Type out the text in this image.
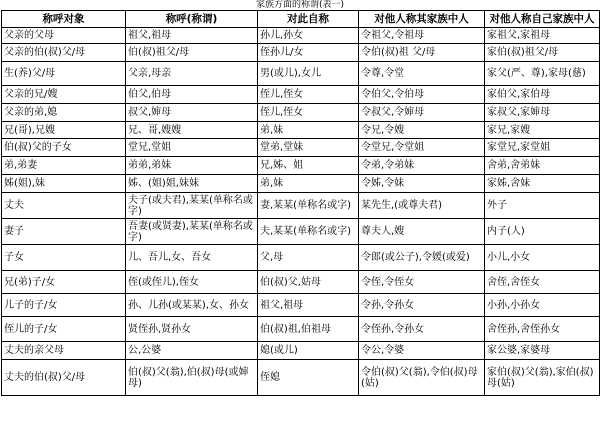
家族方面的称谓(表一)

称呼对象	称呼(称谓)	对此自称	对他人称其家族中人	对他人称自己家族中人
父亲的父母	祖父,祖母	孙儿,孙女	令祖父,令祖母	家祖父,家祖母
父亲的伯(叔)父/母	伯(叔)祖父/母	侄孙儿/女	令伯(叔)祖 父/母	家伯(叔)祖父/母
生(养)父/母	父亲,母亲	男(或儿),女儿	令尊,令堂	家父(严、尊),家母(慈)
父亲的兄/嫂	伯父,伯母	侄儿,侄女	令伯父,令伯母	家伯父,家伯母
父亲的弟,媳	叔父,婶母	侄儿,侄女	令叔父,令婶母	家叔父,家婶母
兄(哥),兄嫂	兄、哥,嫂嫂	弟,妹	令兄,令嫂	家兄,家嫂
伯(叔)父的子女	堂兄,堂姐	堂弟,堂妹	令堂兄,令堂姐	家堂兄,家堂姐
弟,弟妻	弟弟,弟妹	兄,姊、姐	令弟,令弟妹	舍弟,舍弟妹
姊(姐),妹	姊、(姐)姐,妹妹	弟,妹	令姊,令妹	家姊,舍妹
丈夫	夫子(或夫君),某某(单称名或字)	妻,某某(单称名或字)	某先生,(或尊夫君)	外子
妻子	吾妻(或贤妻),某某(单称名或字)	夫,某某(单称名或字)	尊夫人,嫂	内子(人)
子女	儿、吾儿,女、吾女	父,母	令郎(或公子),令媛(或爱)	小儿,小女
兄(弟)子/女	侄(或侄儿),侄女	伯(叔)父,姑母	令侄,令侄女	舍侄,舍侄女
儿子的子/女	孙、儿孙(或某某),女、孙女	祖父,祖母	令孙,令孙女	小孙,小孙女
侄儿的子/女	贤侄孙,贤孙女	伯(叔)祖,伯祖母	令侄孙,令孙女	舍侄孙,舍侄孙女
丈夫的亲父母	公,公婆	媳(或儿)	令公,令婆	家公婆,家婆母
丈夫的伯(叔)父/母	伯(叔)父(翁),伯(叔)母(或婶母)	侄媳	令伯(叔)父(翁),令伯(叔)母(姑)	家伯(叔)父(翁),家伯(叔)母(姑)
